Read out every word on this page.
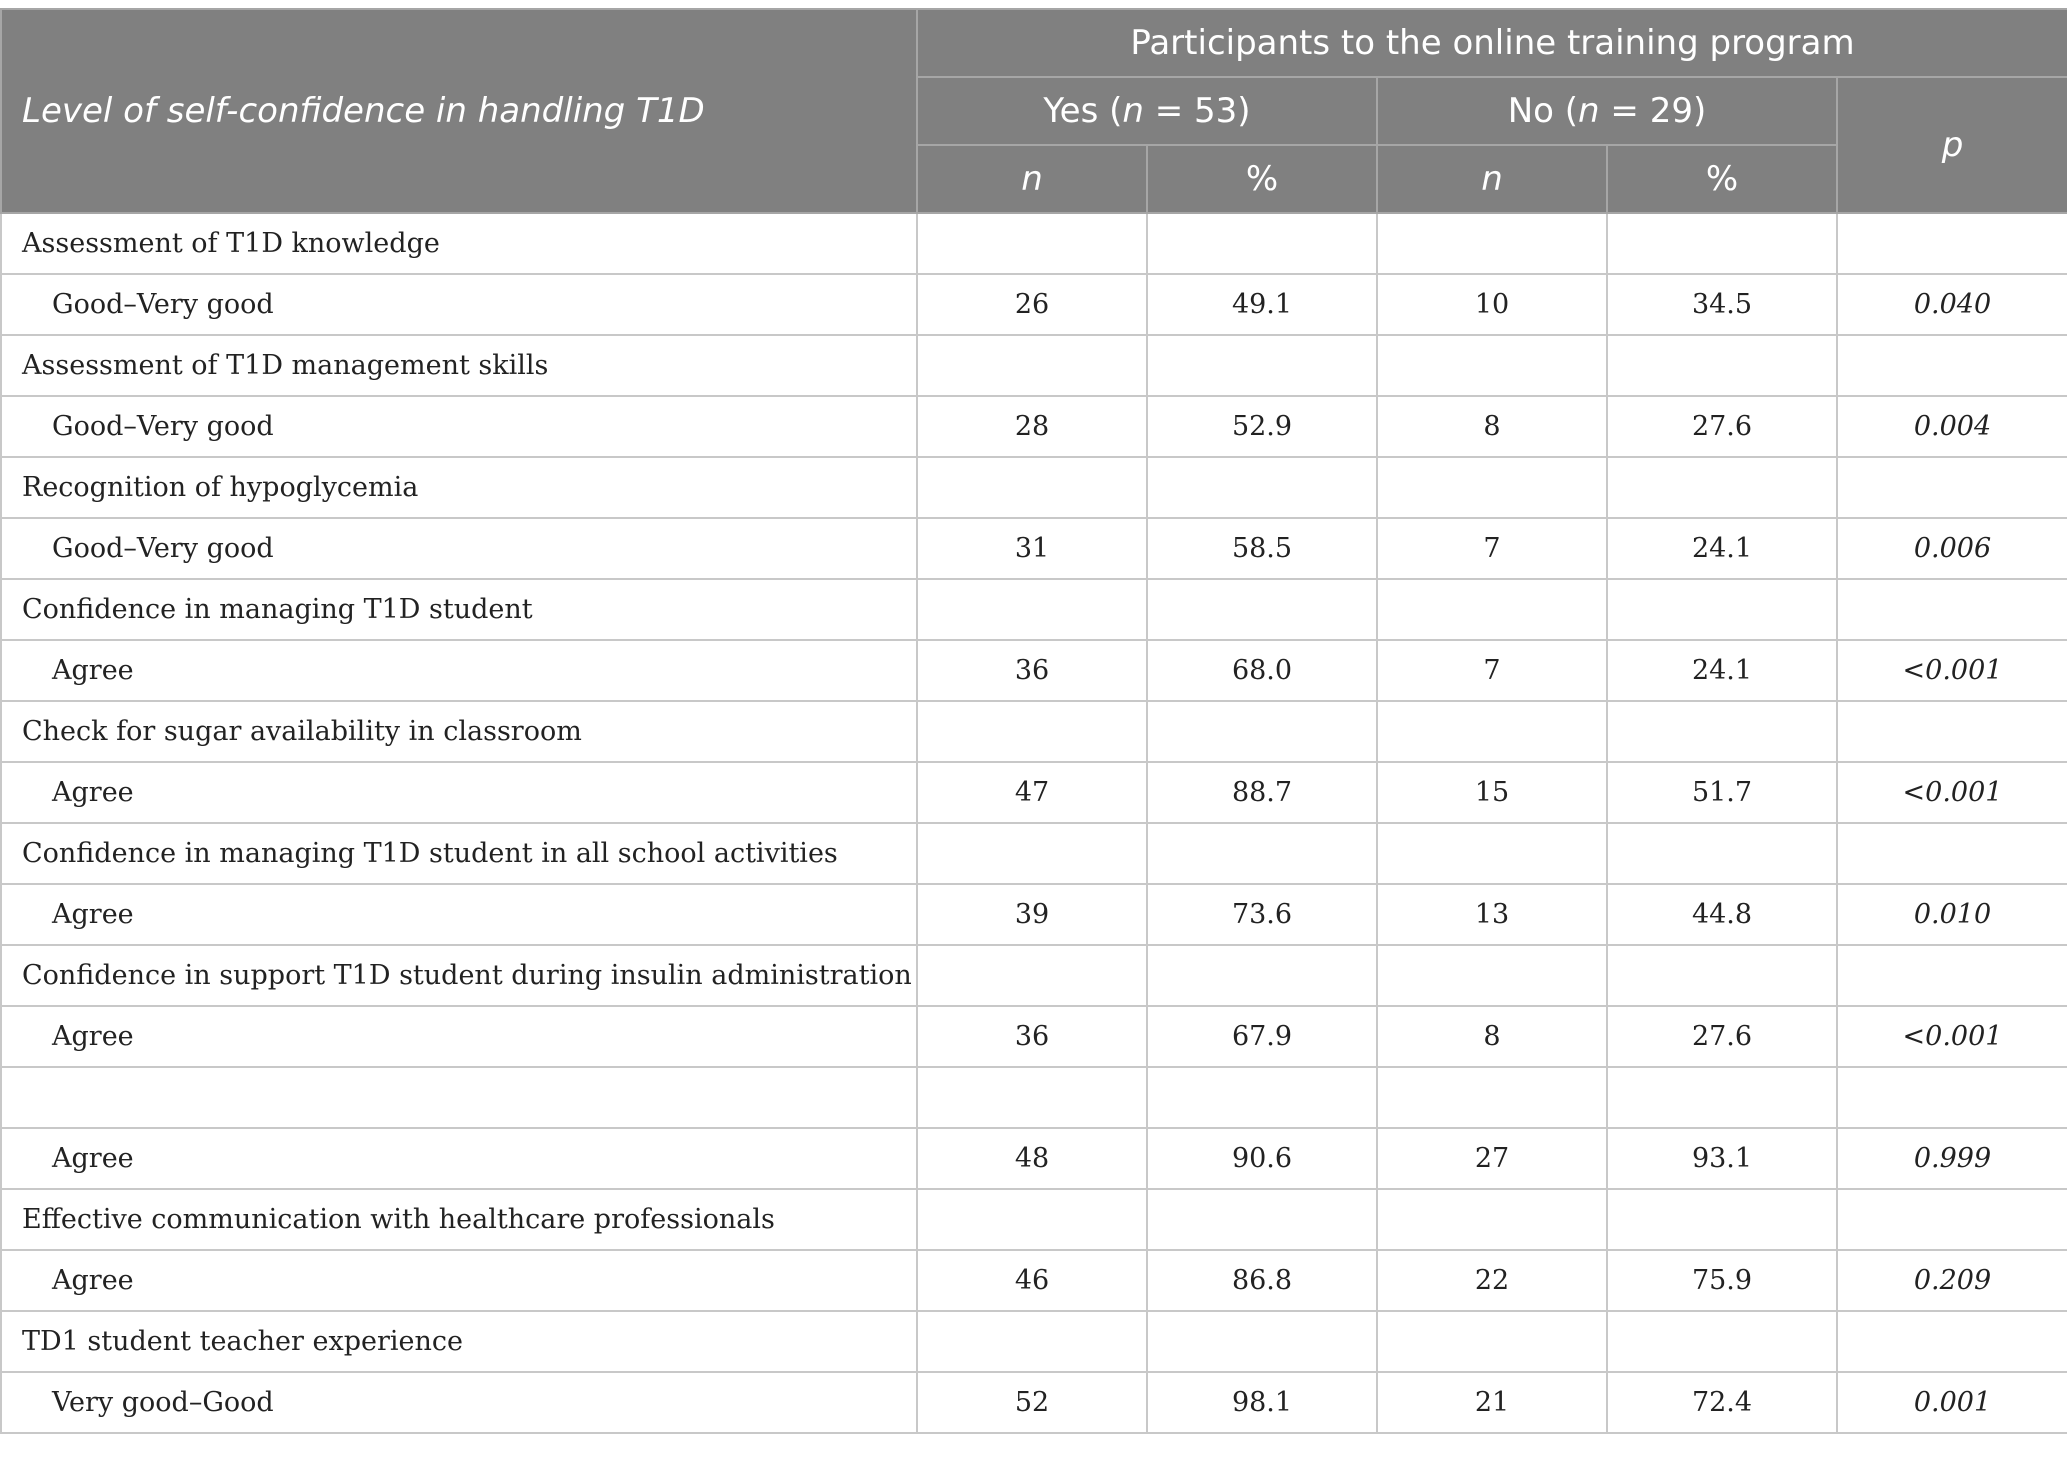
Level of self-confidence in handling T1D	Participants to the online training program				
	Yes (n = 53)		No (n = 29)		p
	n	%	n	%	
Assessment of T1D knowledge					
Good–Very good	26	49.1	10	34.5	0.040
Assessment of T1D management skills					
Good–Very good	28	52.9	8	27.6	0.004
Recognition of hypoglycemia					
Good–Very good	31	58.5	7	24.1	0.006
Confidence in managing T1D student					
Agree	36	68.0	7	24.1	<0.001
Check for sugar availability in classroom					
Agree	47	88.7	15	51.7	<0.001
Confidence in managing T1D student in all school activities					
Agree	39	73.6	13	44.8	0.010
Confidence in support T1D student during insulin administration					
Agree	36	67.9	8	27.6	<0.001

Agree	48	90.6	27	93.1	0.999
Effective communication with healthcare professionals					
Agree	46	86.8	22	75.9	0.209
TD1 student teacher experience					
Very good–Good	52	98.1	21	72.4	0.001
